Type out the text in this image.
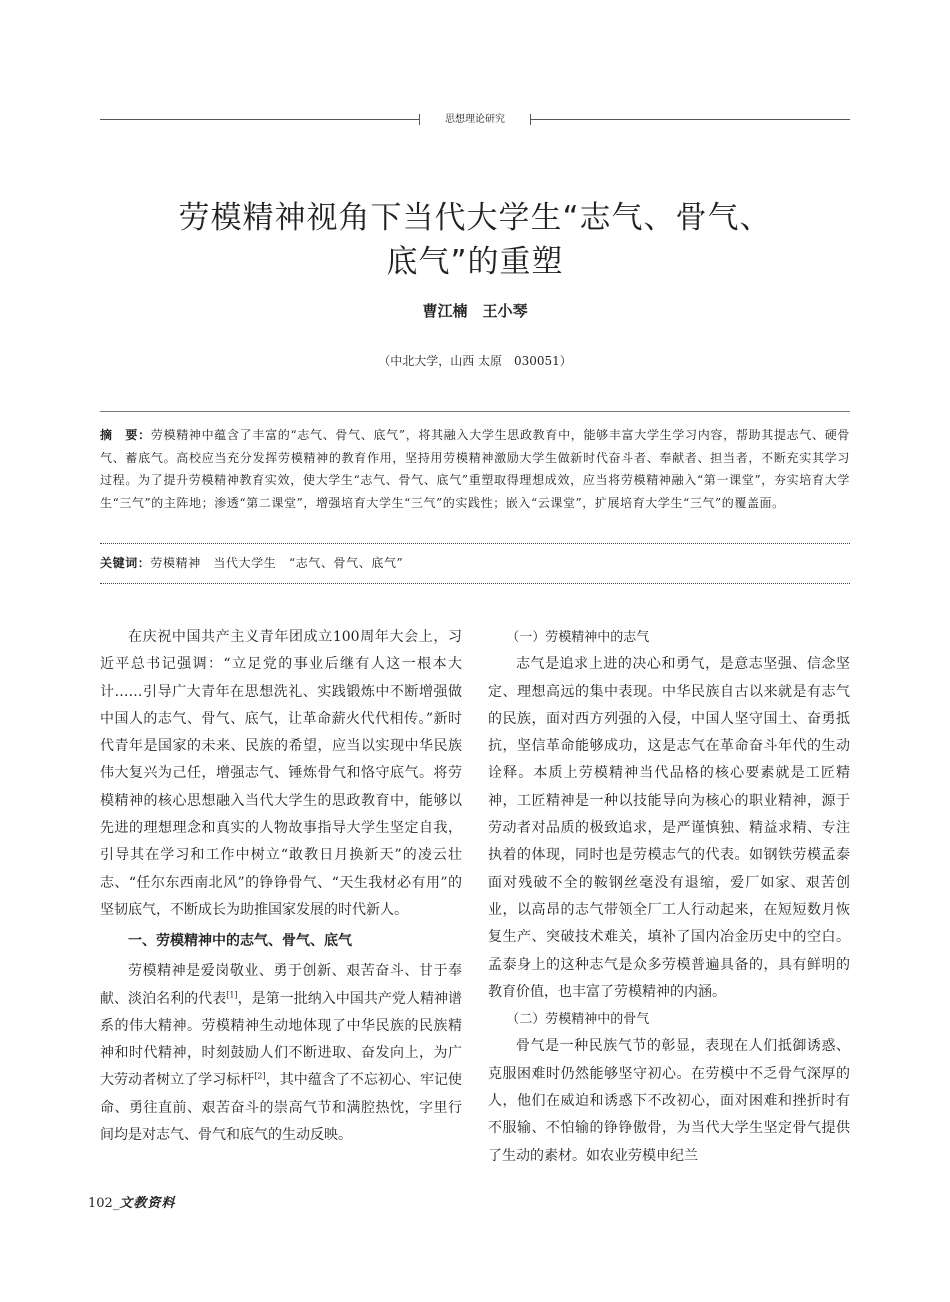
思想理论研究
劳模精神视角下当代大学生“志气、骨气、
底气”的重塑
曹江楠　王小琴
（中北大学，山西 太原　030051）
摘　要：劳模精神中蕴含了丰富的“志气、骨气、底气”，将其融入大学生思政教育中，能够丰富大学生学习内容，帮助其提志气、硬骨气、蓄底气。高校应当充分发挥劳模精神的教育作用，坚持用劳模精神激励大学生做新时代奋斗者、奉献者、担当者，不断充实其学习过程。为了提升劳模精神教育实效，使大学生“志气、骨气、底气”重塑取得理想成效，应当将劳模精神融入“第一课堂”，夯实培育大学生“三气”的主阵地；渗透“第二课堂”，增强培育大学生“三气”的实践性；嵌入“云课堂”，扩展培育大学生“三气”的覆盖面。
关键词：劳模精神　当代大学生　“志气、骨气、底气”

在庆祝中国共产主义青年团成立100周年大会上，习近平总书记强调：“立足党的事业后继有人这一根本大计……引导广大青年在思想洗礼、实践锻炼中不断增强做中国人的志气、骨气、底气，让革命薪火代代相传。”新时代青年是国家的未来、民族的希望，应当以实现中华民族伟大复兴为己任，增强志气、锤炼骨气和恪守底气。将劳模精神的核心思想融入当代大学生的思政教育中，能够以先进的理想理念和真实的人物故事指导大学生坚定自我，引导其在学习和工作中树立“敢教日月换新天”的凌云壮志、“任尔东西南北风”的铮铮骨气、“天生我材必有用”的坚韧底气，不断成长为助推国家发展的时代新人。

一、劳模精神中的志气、骨气、底气

劳模精神是爱岗敬业、勇于创新、艰苦奋斗、甘于奉献、淡泊名利的代表[1]，是第一批纳入中国共产党人精神谱系的伟大精神。劳模精神生动地体现了中华民族的民族精神和时代精神，时刻鼓励人们不断进取、奋发向上，为广大劳动者树立了学习标杆[2]，其中蕴含了不忘初心、牢记使命、勇往直前、艰苦奋斗的崇高气节和满腔热忱，字里行间均是对志气、骨气和底气的生动反映。

（一）劳模精神中的志气

志气是追求上进的决心和勇气，是意志坚强、信念坚定、理想高远的集中表现。中华民族自古以来就是有志气的民族，面对西方列强的入侵，中国人坚守国土、奋勇抵抗，坚信革命能够成功，这是志气在革命奋斗年代的生动诠释。本质上劳模精神当代品格的核心要素就是工匠精神，工匠精神是一种以技能导向为核心的职业精神，源于劳动者对品质的极致追求，是严谨慎独、精益求精、专注执着的体现，同时也是劳模志气的代表。如钢铁劳模孟泰面对残破不全的鞍钢丝毫没有退缩，爱厂如家、艰苦创业，以高昂的志气带领全厂工人行动起来，在短短数月恢复生产、突破技术难关，填补了国内冶金历史中的空白。孟泰身上的这种志气是众多劳模普遍具备的，具有鲜明的教育价值，也丰富了劳模精神的内涵。

（二）劳模精神中的骨气

骨气是一种民族气节的彰显，表现在人们抵御诱惑、克服困难时仍然能够坚守初心。在劳模中不乏骨气深厚的人，他们在威迫和诱惑下不改初心，面对困难和挫折时有不服输、不怕输的铮铮傲骨，为当代大学生坚定骨气提供了生动的素材。如农业劳模申纪兰

102_文教资料
